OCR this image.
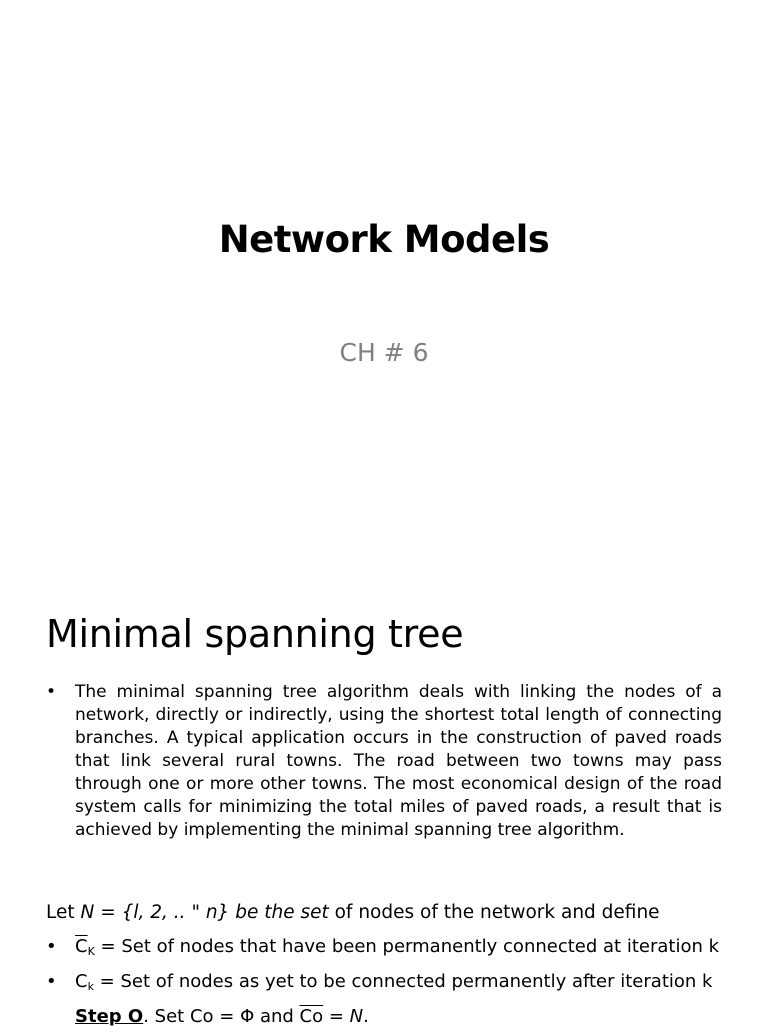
Network Models
CH # 6
Minimal spanning tree
•	The minimal spanning tree algorithm deals with linking the nodes of a network, directly or indirectly, using the shortest total length of connecting branches. A typical application occurs in the construction of paved roads that link several rural towns. The road between two towns may pass through one or more other towns. The most economical design of the road system calls for minimizing the total miles of paved roads, a result that is achieved by implementing the minimal spanning tree algorithm.
Let N = {l, 2, .. " n} be the set of nodes of the network and define
•	$\overline{C}_K$ = Set of nodes that have been permanently connected at iteration k
•	$C_k$ = Set of nodes as yet to be connected permanently after iteration k
Step O. Set Co = Φ and $\overline{Co} = N$.
